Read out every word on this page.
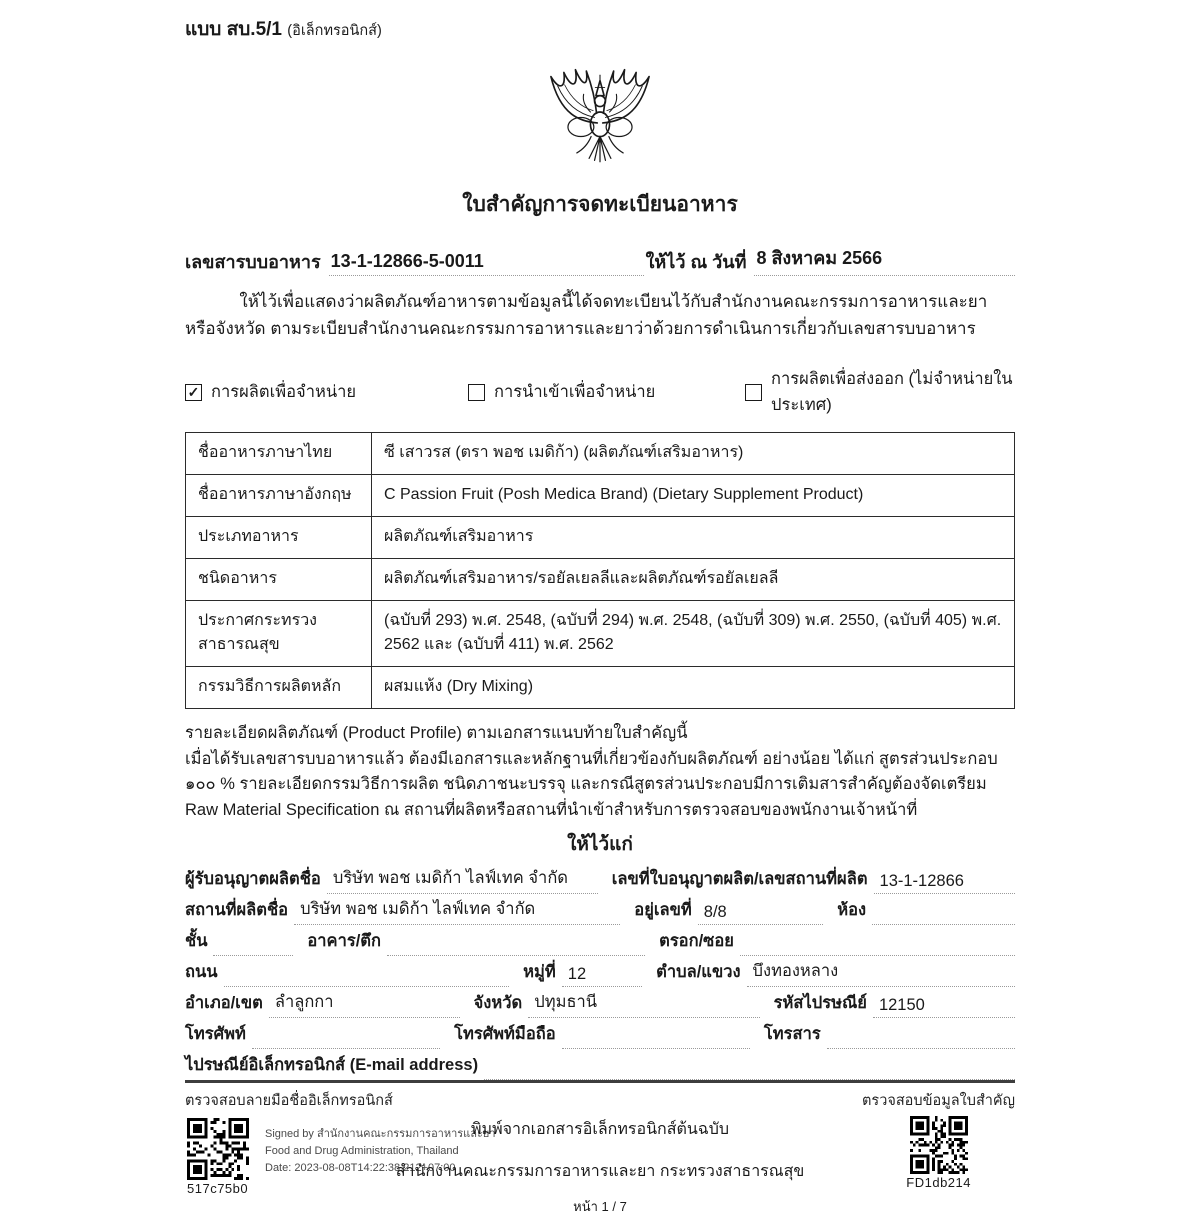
แบบ สบ.5/1 (อิเล็กทรอนิกส์)
ใบสำคัญการจดทะเบียนอาหาร
เลขสารบบอาหาร 13-1-12866-5-0011	ให้ไว้ ณ วันที่ 8 สิงหาคม 2566

ให้ไว้เพื่อแสดงว่าผลิตภัณฑ์อาหารตามข้อมูลนี้ได้จดทะเบียนไว้กับสำนักงานคณะกรรมการอาหารและยาหรือจังหวัด ตามระเบียบสำนักงานคณะกรรมการอาหารและยาว่าด้วยการดำเนินการเกี่ยวกับเลขสารบบอาหาร

✓ การผลิตเพื่อจำหน่าย	การนำเข้าเพื่อจำหน่าย
การผลิตเพื่อส่งออก (ไม่จำหน่ายในประเทศ)
ชื่ออาหารภาษาไทย	ซี เสาวรส (ตรา พอช เมดิก้า) (ผลิตภัณฑ์เสริมอาหาร)
ชื่ออาหารภาษาอังกฤษ	C Passion Fruit (Posh Medica Brand) (Dietary Supplement Product)
ประเภทอาหาร	ผลิตภัณฑ์เสริมอาหาร
ชนิดอาหาร	ผลิตภัณฑ์เสริมอาหาร/รอยัลเยลลีและผลิตภัณฑ์รอยัลเยลลี
ประกาศกระทรวงสาธารณสุข	(ฉบับที่ 293) พ.ศ. 2548, (ฉบับที่ 294) พ.ศ. 2548, (ฉบับที่ 309) พ.ศ. 2550, (ฉบับที่ 405) พ.ศ. 2562 และ (ฉบับที่ 411) พ.ศ. 2562
กรรมวิธีการผลิตหลัก	ผสมแห้ง (Dry Mixing)
รายละเอียดผลิตภัณฑ์ (Product Profile) ตามเอกสารแนบท้ายใบสำคัญนี้
เมื่อได้รับเลขสารบบอาหารแล้ว ต้องมีเอกสารและหลักฐานที่เกี่ยวข้องกับผลิตภัณฑ์ อย่างน้อย ได้แก่ สูตรส่วนประกอบ ๑๐๐ % รายละเอียดกรรมวิธีการผลิต ชนิดภาชนะบรรจุ และกรณีสูตรส่วนประกอบมีการเติมสารสำคัญต้องจัดเตรียม Raw Material Specification ณ สถานที่ผลิตหรือสถานที่นำเข้าสำหรับการตรวจสอบของพนักงานเจ้าหน้าที่
ให้ไว้แก่
ผู้รับอนุญาตผลิตชื่อ บริษัท พอช เมดิก้า ไลฟ์เทค จำกัด	เลขที่ใบอนุญาตผลิต/เลขสถานที่ผลิต 13-1-12866
สถานที่ผลิตชื่อ บริษัท พอช เมดิก้า ไลฟ์เทค จำกัด	อยู่เลขที่ 8/8	ห้อง
ชั้น	อาคาร/ตึก	ตรอก/ซอย
ถนน	หมู่ที่ 12	ตำบล/แขวง บึงทองหลาง
อำเภอ/เขต ลำลูกกา	จังหวัด ปทุมธานี	รหัสไปรษณีย์ 12150
โทรศัพท์	โทรศัพท์มือถือ	โทรสาร
ไปรษณีย์อิเล็กทรอนิกส์ (E-mail address)
ตรวจสอบลายมือชื่ออิเล็กทรอนิกส์	ตรวจสอบข้อมูลใบสำคัญ
517c75b0
Signed by สำนักงานคณะกรรมการอาหารและยา
Food and Drug Administration, Thailand
Date: 2023-08-08T14:22:38.212+07:00
พิมพ์จากเอกสารอิเล็กทรอนิกส์ต้นฉบับ
สำนักงานคณะกรรมการอาหารและยา กระทรวงสาธารณสุข
หน้า 1 / 7
FD1db214
